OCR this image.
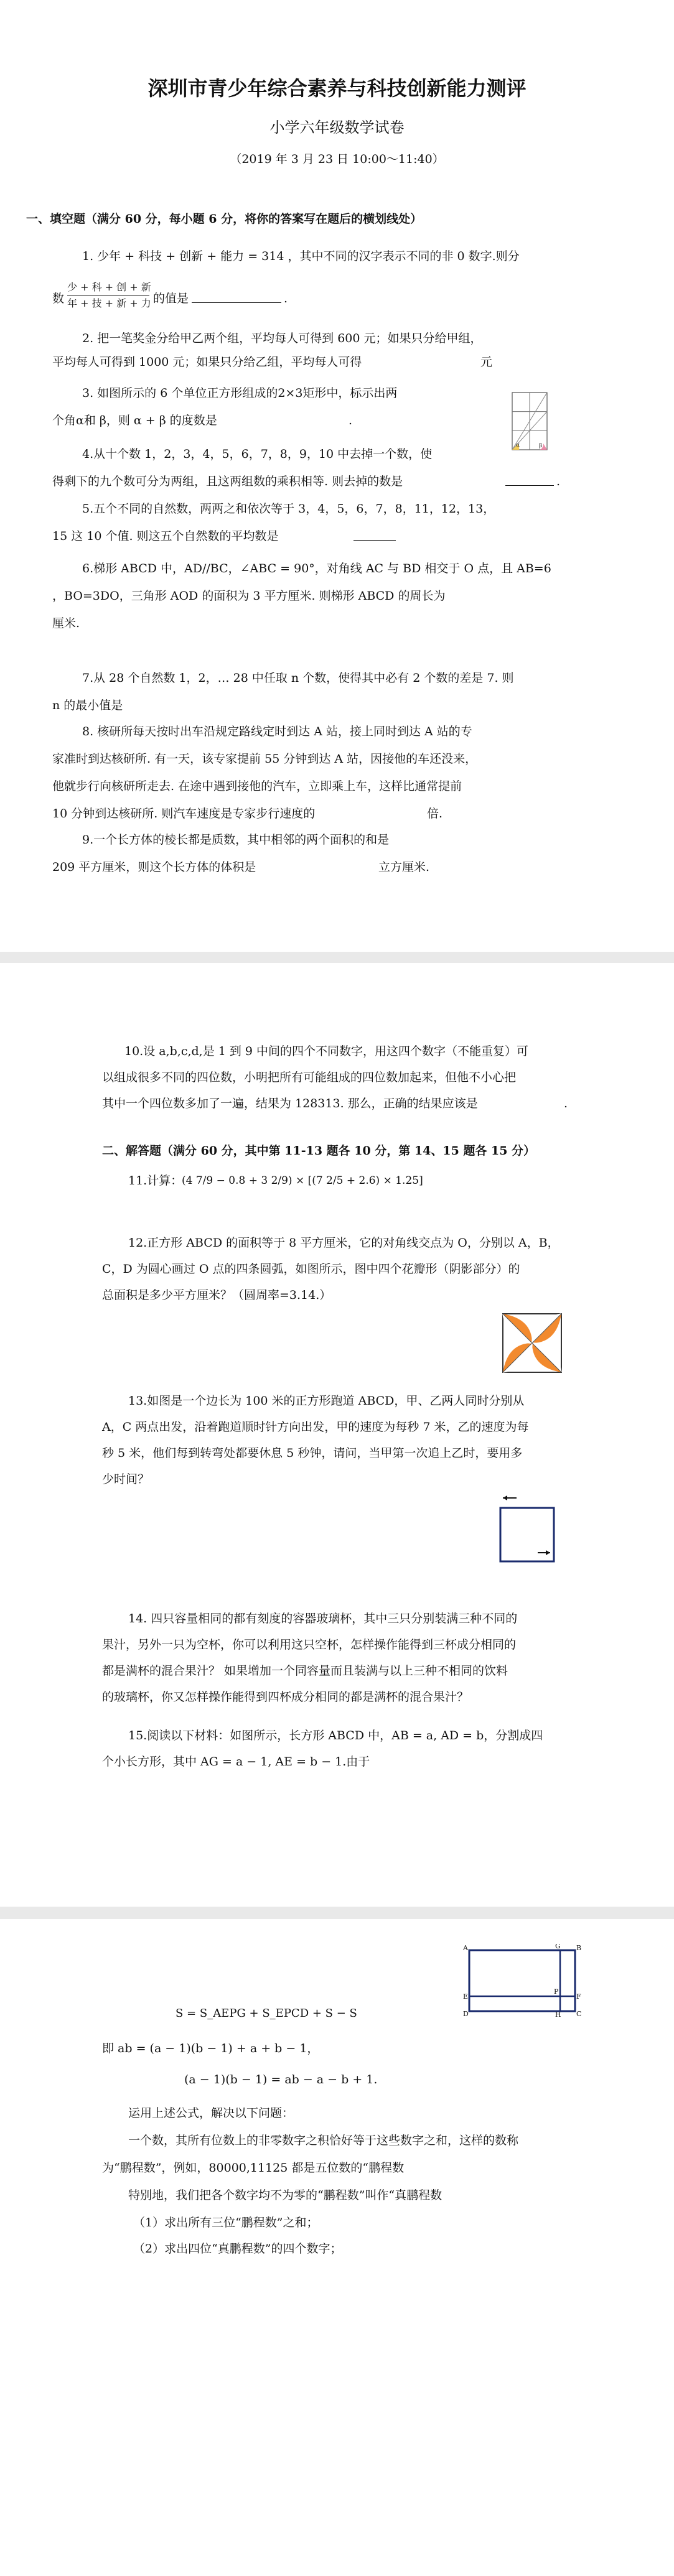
深圳市青少年综合素养与科技创新能力测评
小学六年级数学试卷
（2019 年 3 月 23 日 10:00～11:40）
一、填空题（满分 60 分，每小题 6 分，将你的答案写在题后的横划线处）
1. 少年 + 科技 + 创新 + 能力 = 314 ，其中不同的汉字表示不同的非 0 数字.则分
数
少 + 科 + 创 + 新
年 + 技 + 新 + 力 的值是	.
2. 把一笔奖金分给甲乙两个组，平均每人可得到 600 元；如果只分给甲组，
平均每人可得到 1000 元；如果只分给乙组，平均每人可得	元
3. 如图所示的 6 个单位正方形组成的2×3矩形中，标示出两
个角α和 β，则 α + β 的度数是	.
α	β
4.从十个数 1，2，3，4，5，6，7，8，9，10 中去掉一个数，使
得剩下的九个数可分为两组，且这两组数的乘积相等. 则去掉的数是	.
5.五个不同的自然数，两两之和依次等于 3，4，5，6，7，8，11，12，13，
15 这 10 个值. 则这五个自然数的平均数是
6.梯形 ABCD 中，AD//BC，∠ABC = 90°，对角线 AC 与 BD 相交于 O 点，且 AB=6
，BO=3DO，三角形 AOD 的面积为 3 平方厘米. 则梯形 ABCD 的周长为
厘米.
7.从 28 个自然数 1，2，… 28 中任取 n 个数，使得其中必有 2 个数的差是 7. 则
n 的最小值是
8. 核研所每天按时出车沿规定路线定时到达 A 站，接上同时到达 A 站的专
家准时到达核研所. 有一天，该专家提前 55 分钟到达 A 站，因接他的车还没来，
他就步行向核研所走去. 在途中遇到接他的汽车，立即乘上车，这样比通常提前
10 分钟到达核研所. 则汽车速度是专家步行速度的	倍.
9.一个长方体的棱长都是质数，其中相邻的两个面积的和是
209 平方厘米，则这个长方体的体积是	立方厘米.
10.设 a,b,c,d,是 1 到 9 中间的四个不同数字，用这四个数字（不能重复）可
以组成很多不同的四位数，小明把所有可能组成的四位数加起来，但他不小心把
其中一个四位数多加了一遍，结果为 128313. 那么，正确的结果应该是	.
二、解答题（满分 60 分，其中第 11-13 题各 10 分，第 14、15 题各 15 分）
11.计算：
(4 7/9 − 0.8 + 3 2/9) × [(7 2/5 + 2.6) × 1.25]
12.正方形 ABCD 的面积等于 8 平方厘米，它的对角线交点为 O，分别以 A，B，
C，D 为圆心画过 O 点的四条圆弧，如图所示，图中四个花瓣形（阴影部分）的
总面积是多少平方厘米？（圆周率=3.14.）
13.如图是一个边长为 100 米的正方形跑道 ABCD，甲、乙两人同时分别从
A，C 两点出发，沿着跑道顺时针方向出发，甲的速度为每秒 7 米，乙的速度为每
秒 5 米，他们每到转弯处都要休息 5 秒钟，请问，当甲第一次追上乙时，要用多
少时间？
14. 四只容量相同的都有刻度的容器玻璃杯，其中三只分别装满三种不同的
果汁，另外一只为空杯，你可以利用这只空杯，怎样操作能得到三杯成分相同的
都是满杯的混合果汁？ 如果增加一个同容量而且装满与以上三种不相同的饮料
的玻璃杯，你又怎样操作能得到四杯成分相同的都是满杯的混合果汁？
15.阅读以下材料：如图所示，长方形 ABCD 中，AB = a, AD = b，分割成四
个小长方形，其中 AG = a − 1, AE = b − 1.由于
S = S_AEPG + S_EPCD + S − S
即 ab = (a − 1)(b − 1) + a + b − 1，
(a − 1)(b − 1) = ab − a − b + 1.
A	G B
E
P
F
D	H C
运用上述公式，解决以下问题：
一个数，其所有位数上的非零数字之积恰好等于这些数字之和，这样的数称
为“鹏程数”，例如，80000,11125 都是五位数的“鹏程数
特别地，我们把各个数字均不为零的“鹏程数”叫作“真鹏程数
（1）求出所有三位“鹏程数”之和；
（2）求出四位“真鹏程数”的四个数字；
